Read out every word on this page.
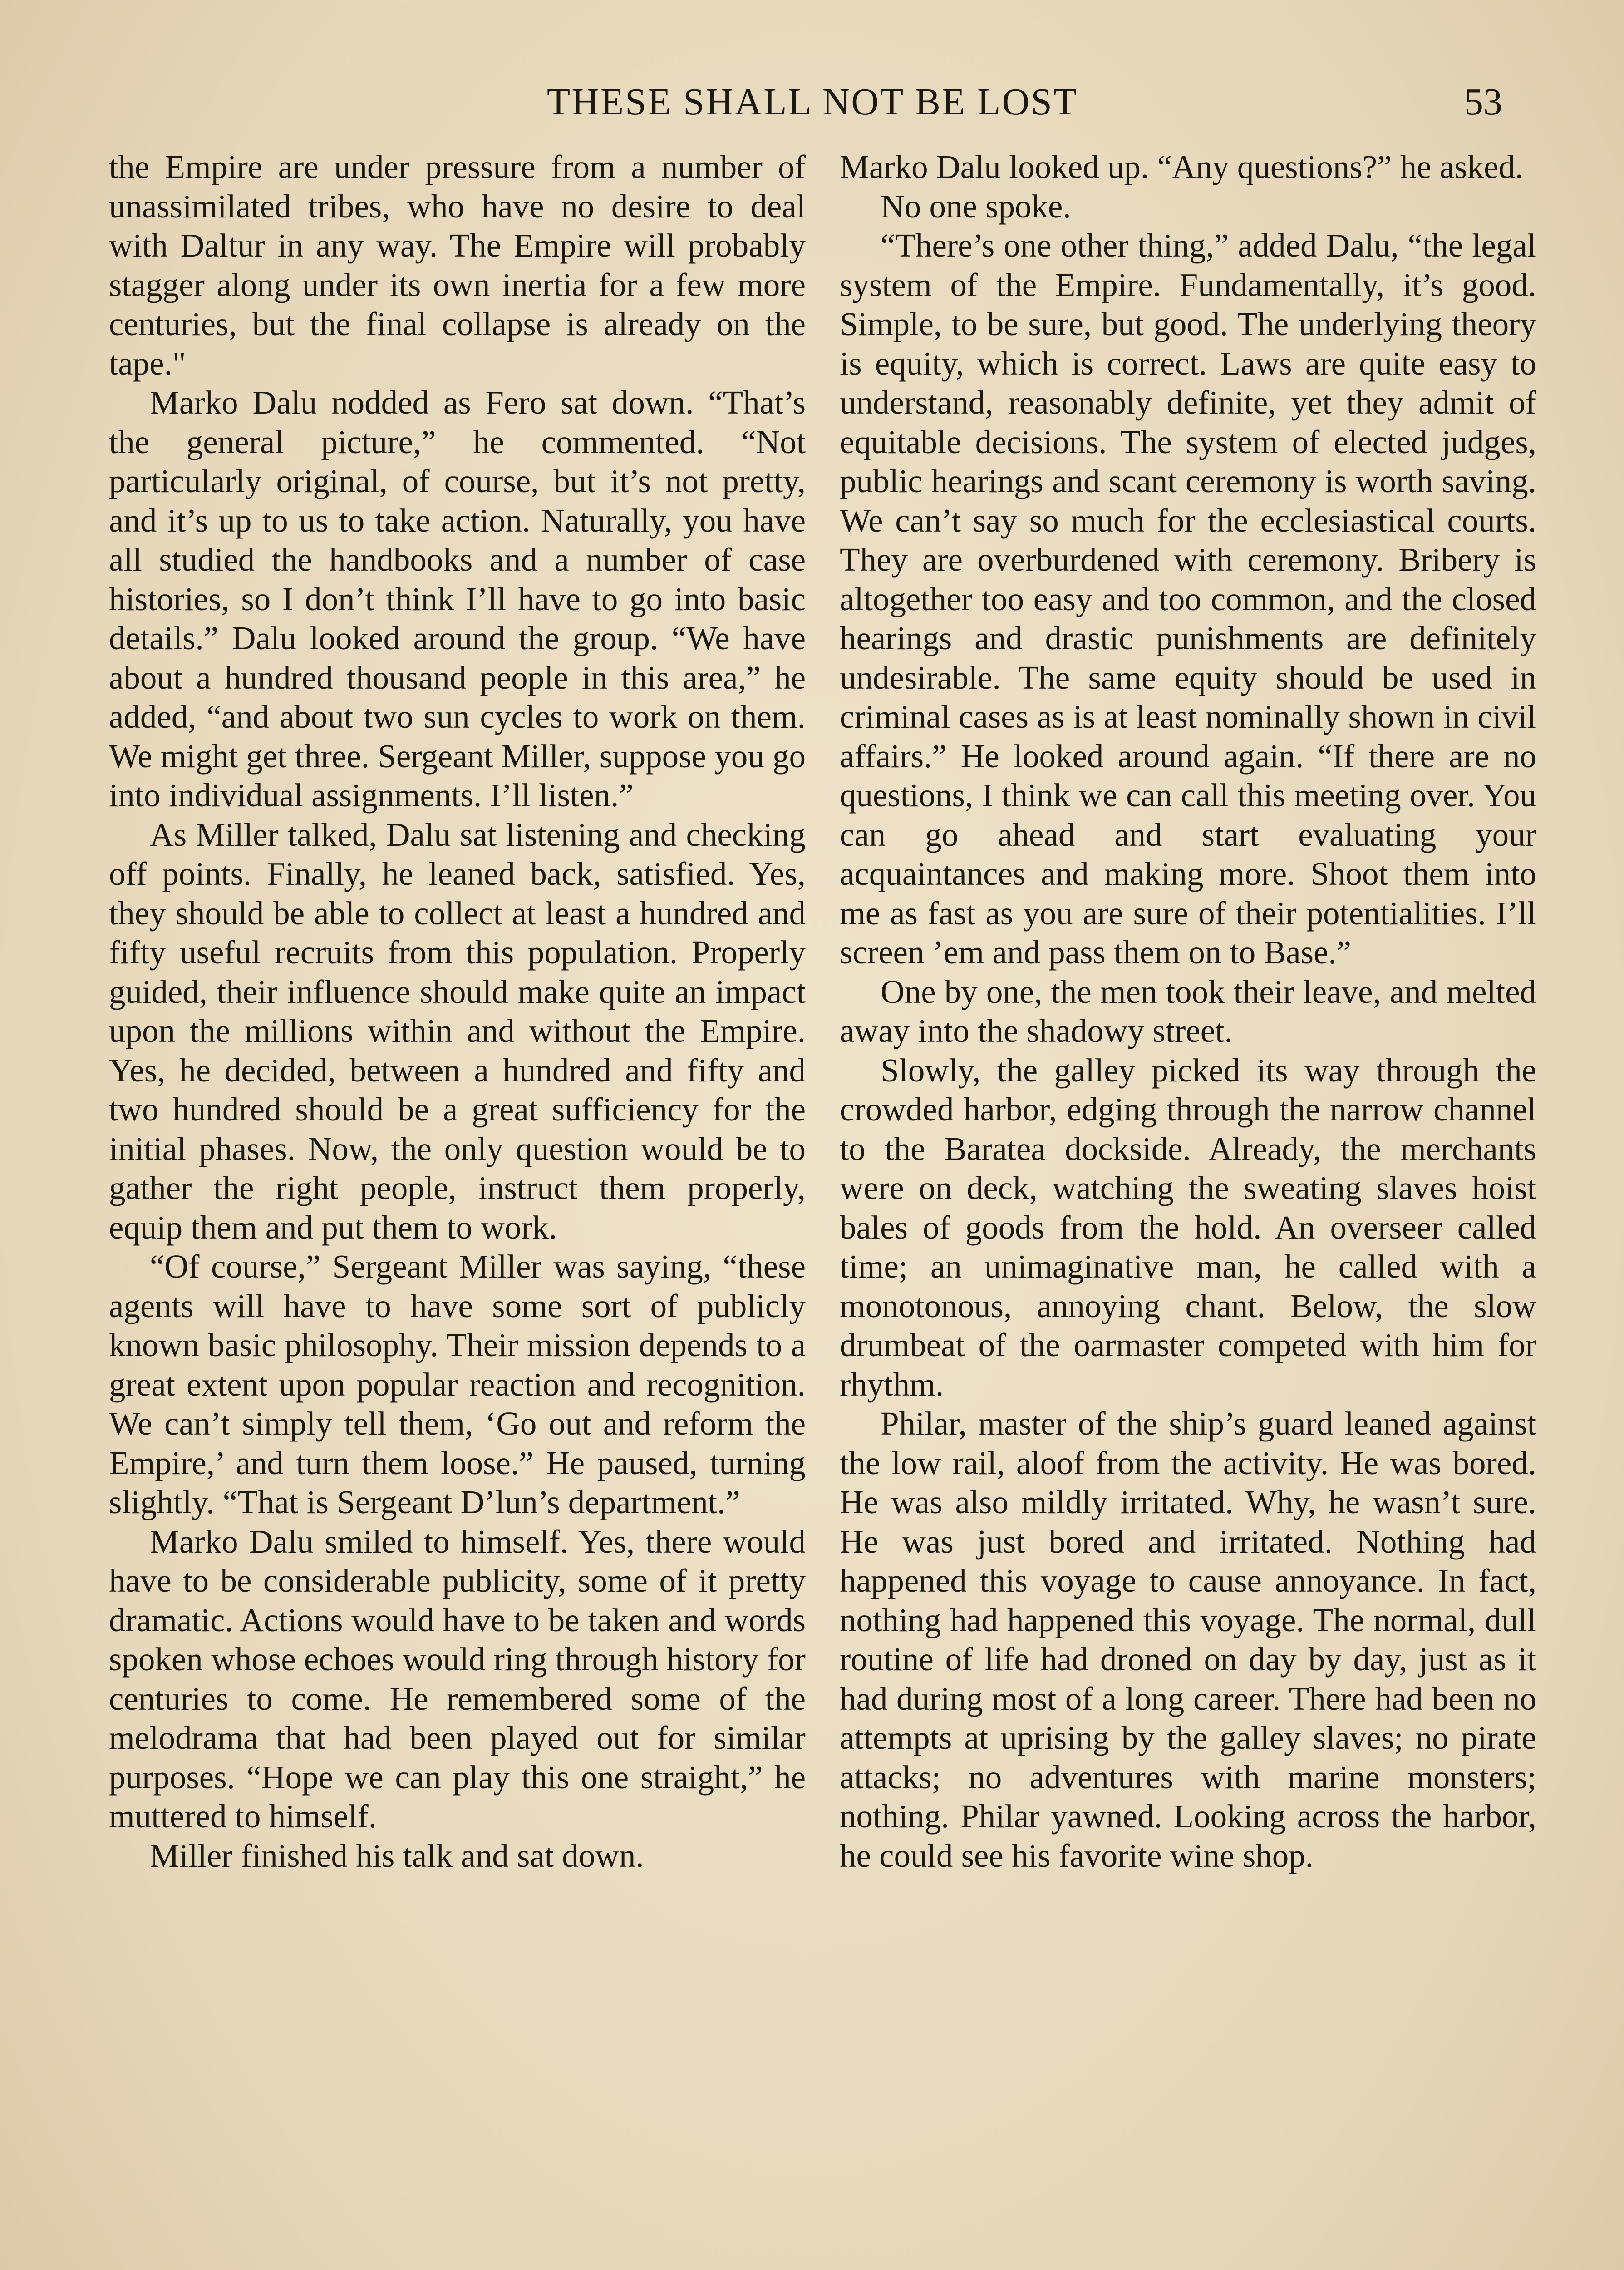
THESE SHALL NOT BE LOST	53

the Empire are under pressure from a number of unassimilated tribes, who have no desire to deal with Daltur in any way. The Empire will probably stagger along under its own inertia for a few more centuries, but the final collapse is already on the tape."

Marko Dalu nodded as Fero sat down. “That’s the general picture,” he commented. “Not particularly original, of course, but it’s not pretty, and it’s up to us to take action. Naturally, you have all studied the handbooks and a number of case histories, so I don’t think I’ll have to go into basic details.” Dalu looked around the group. “We have about a hundred thousand people in this area,” he added, “and about two sun cycles to work on them. We might get three. Sergeant Miller, suppose you go into individual assignments. I’ll listen.”

As Miller talked, Dalu sat listening and checking off points. Finally, he leaned back, satisfied. Yes, they should be able to collect at least a hundred and fifty useful recruits from this population. Properly guided, their influence should make quite an impact upon the millions within and without the Empire. Yes, he decided, between a hundred and fifty and two hundred should be a great sufficiency for the initial phases. Now, the only question would be to gather the right people, instruct them properly, equip them and put them to work.

“Of course,” Sergeant Miller was saying, “these agents will have to have some sort of publicly known basic philosophy. Their mission depends to a great extent upon popular reaction and recognition. We can’t simply tell them, ‘Go out and reform the Empire,’ and turn them loose.” He paused, turning slightly. “That is Sergeant D’lun’s department.”

Marko Dalu smiled to himself. Yes, there would have to be considerable publicity, some of it pretty dramatic. Actions would have to be taken and words spoken whose echoes would ring through history for centuries to come. He remembered some of the melodrama that had been played out for similar purposes. “Hope we can play this one straight,” he muttered to himself.

Miller finished his talk and sat down.

Marko Dalu looked up. “Any questions?” he asked.

No one spoke.

“There’s one other thing,” added Dalu, “the legal system of the Empire. Fundamentally, it’s good. Simple, to be sure, but good. The underlying theory is equity, which is correct. Laws are quite easy to understand, reasonably definite, yet they admit of equitable decisions. The system of elected judges, public hearings and scant ceremony is worth saving. We can’t say so much for the ecclesiastical courts. They are overburdened with ceremony. Bribery is altogether too easy and too common, and the closed hearings and drastic punishments are definitely undesirable. The same equity should be used in criminal cases as is at least nominally shown in civil affairs.” He looked around again. “If there are no questions, I think we can call this meeting over. You can go ahead and start evaluating your acquaintances and making more. Shoot them into me as fast as you are sure of their potentialities. I’ll screen ’em and pass them on to Base.”

One by one, the men took their leave, and melted away into the shadowy street.

Slowly, the galley picked its way through the crowded harbor, edging through the narrow channel to the Baratea dockside. Already, the merchants were on deck, watching the sweating slaves hoist bales of goods from the hold. An overseer called time; an unimaginative man, he called with a monotonous, annoying chant. Below, the slow drumbeat of the oarmaster competed with him for rhythm.

Philar, master of the ship’s guard leaned against the low rail, aloof from the activity. He was bored. He was also mildly irritated. Why, he wasn’t sure. He was just bored and irritated. Nothing had happened this voyage to cause annoyance. In fact, nothing had happened this voyage. The normal, dull routine of life had droned on day by day, just as it had during most of a long career. There had been no attempts at uprising by the galley slaves; no pirate attacks; no adventures with marine monsters; nothing. Philar yawned. Looking across the harbor, he could see his favorite wine shop.
